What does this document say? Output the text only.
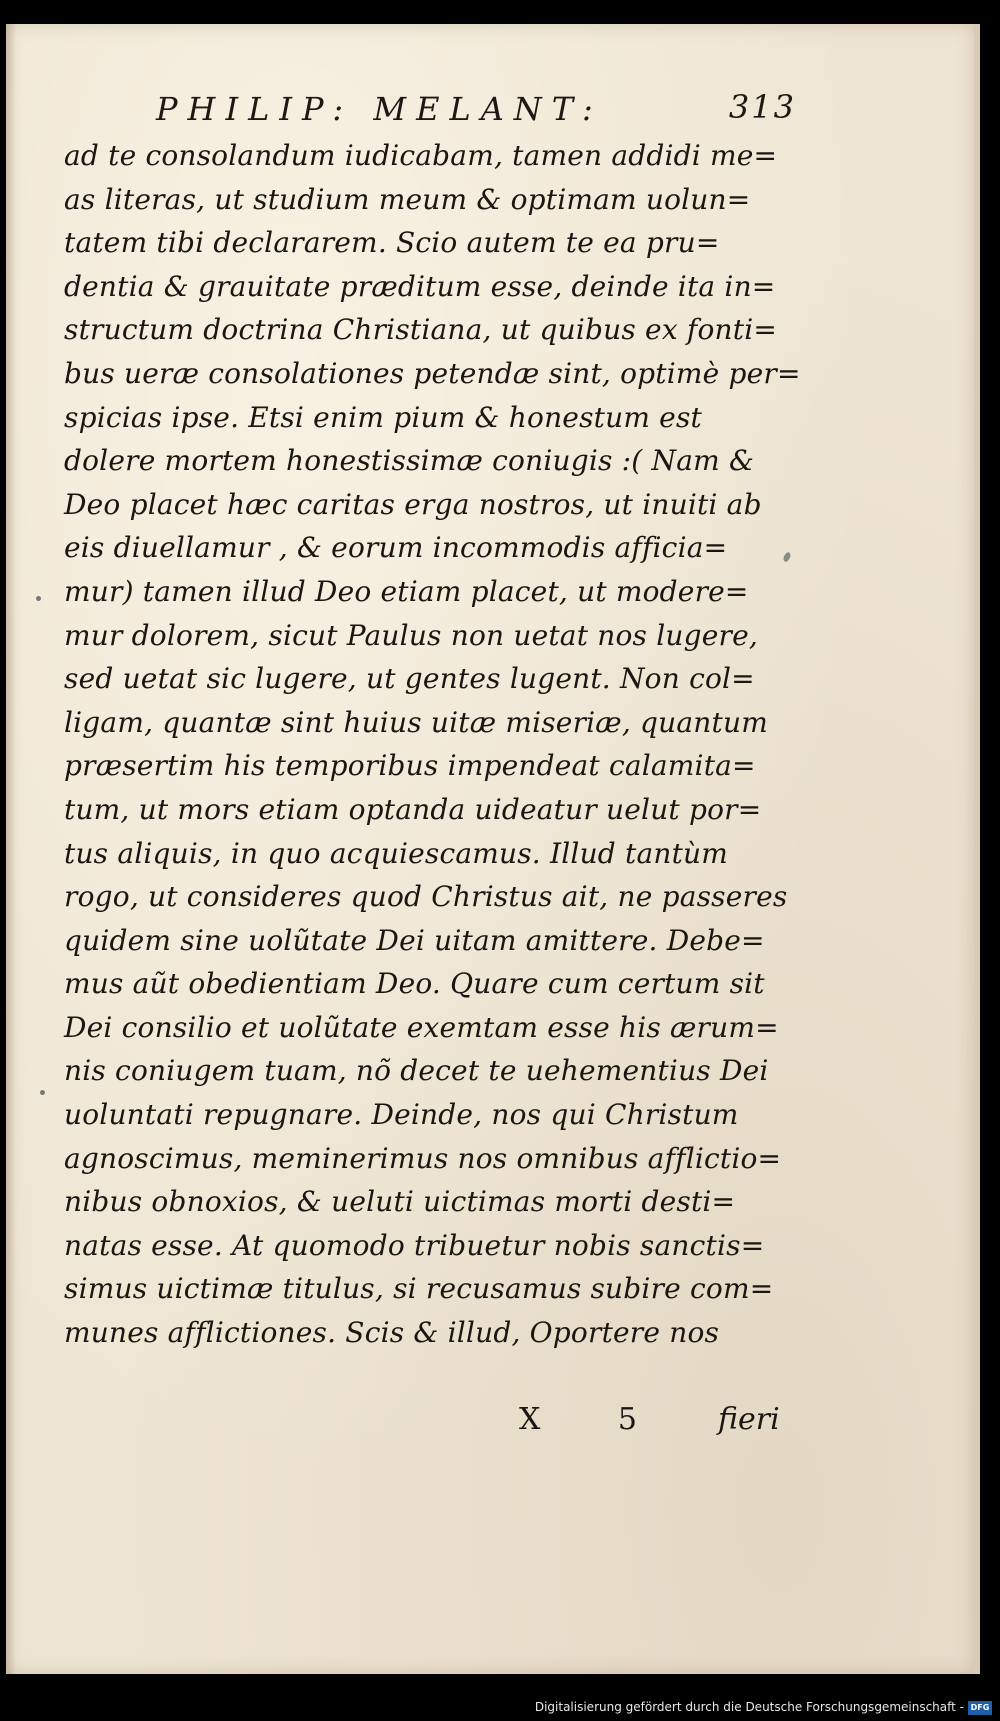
PHILIP: MELANT:	313
ad te consolandum iudicabam, tamen addidi me=
as literas, ut studium meum & optimam uolun=
tatem tibi declararem. Scio autem te ea pru=
dentia & grauitate præditum esse, deinde ita in=
structum doctrina Christiana, ut quibus ex fonti=
bus ueræ consolationes petendæ sint, optimè per=
spicias ipse. Etsi enim pium & honestum est
dolere mortem honestissimæ coniugis :( Nam &
Deo placet hæc caritas erga nostros, ut inuiti ab
eis diuellamur , & eorum incommodis afficia=
mur) tamen illud Deo etiam placet, ut modere=
mur dolorem, sicut Paulus non uetat nos lugere,
sed uetat sic lugere, ut gentes lugent. Non col=
ligam, quantæ sint huius uitæ miseriæ, quantum
præsertim his temporibus impendeat calamita=
tum, ut mors etiam optanda uideatur uelut por=
tus aliquis, in quo acquiescamus. Illud tantùm
rogo, ut consideres quod Christus ait, ne passeres
quidem sine uolũtate Dei uitam amittere. Debe=
mus aũt obedientiam Deo. Quare cum certum sit
Dei consilio et uolũtate exemtam esse his ærum=
nis coniugem tuam, nõ decet te uehementius Dei
uoluntati repugnare. Deinde, nos qui Christum
agnoscimus, meminerimus nos omnibus afflictio=
nibus obnoxios, & ueluti uictimas morti desti=
natas esse. At quomodo tribuetur nobis sanctis=
simus uictimæ titulus, si recusamus subire com=
munes afflictiones. Scis & illud, Oportere nos
X 5 fieri
Digitalisierung gefördert durch die Deutsche Forschungsgemeinschaft - DFG
